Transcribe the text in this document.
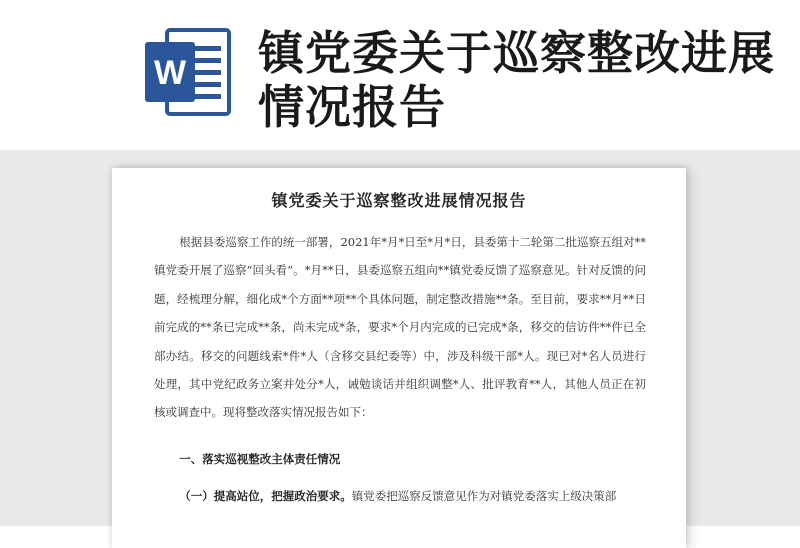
W 镇党委关于巡察整改进展情况报告
镇党委关于巡察整改进展情况报告

根据县委巡察工作的统一部署，2021年*月*日至*月*日，县委第十二轮第二批巡察五组对**镇党委开展了巡察“回头看”。*月**日，县委巡察五组向**镇党委反馈了巡察意见。针对反馈的问题，经梳理分解，细化成*个方面**项**个具体问题，制定整改措施**条。至目前，要求**月**日前完成的**条已完成**条，尚未完成*条，要求*个月内完成的已完成*条，移交的信访件**件已全部办结。移交的问题线索*件*人（含移交县纪委等）中，涉及科级干部*人。现已对*名人员进行处理，其中党纪政务立案并处分*人，诫勉谈话并组织调整*人、批评教育**人，其他人员正在初核或调查中。现将整改落实情况报告如下：

一、落实巡视整改主体责任情况
（一）提高站位，把握政治要求。镇党委把巡察反馈意见作为对镇党委落实上级决策部
